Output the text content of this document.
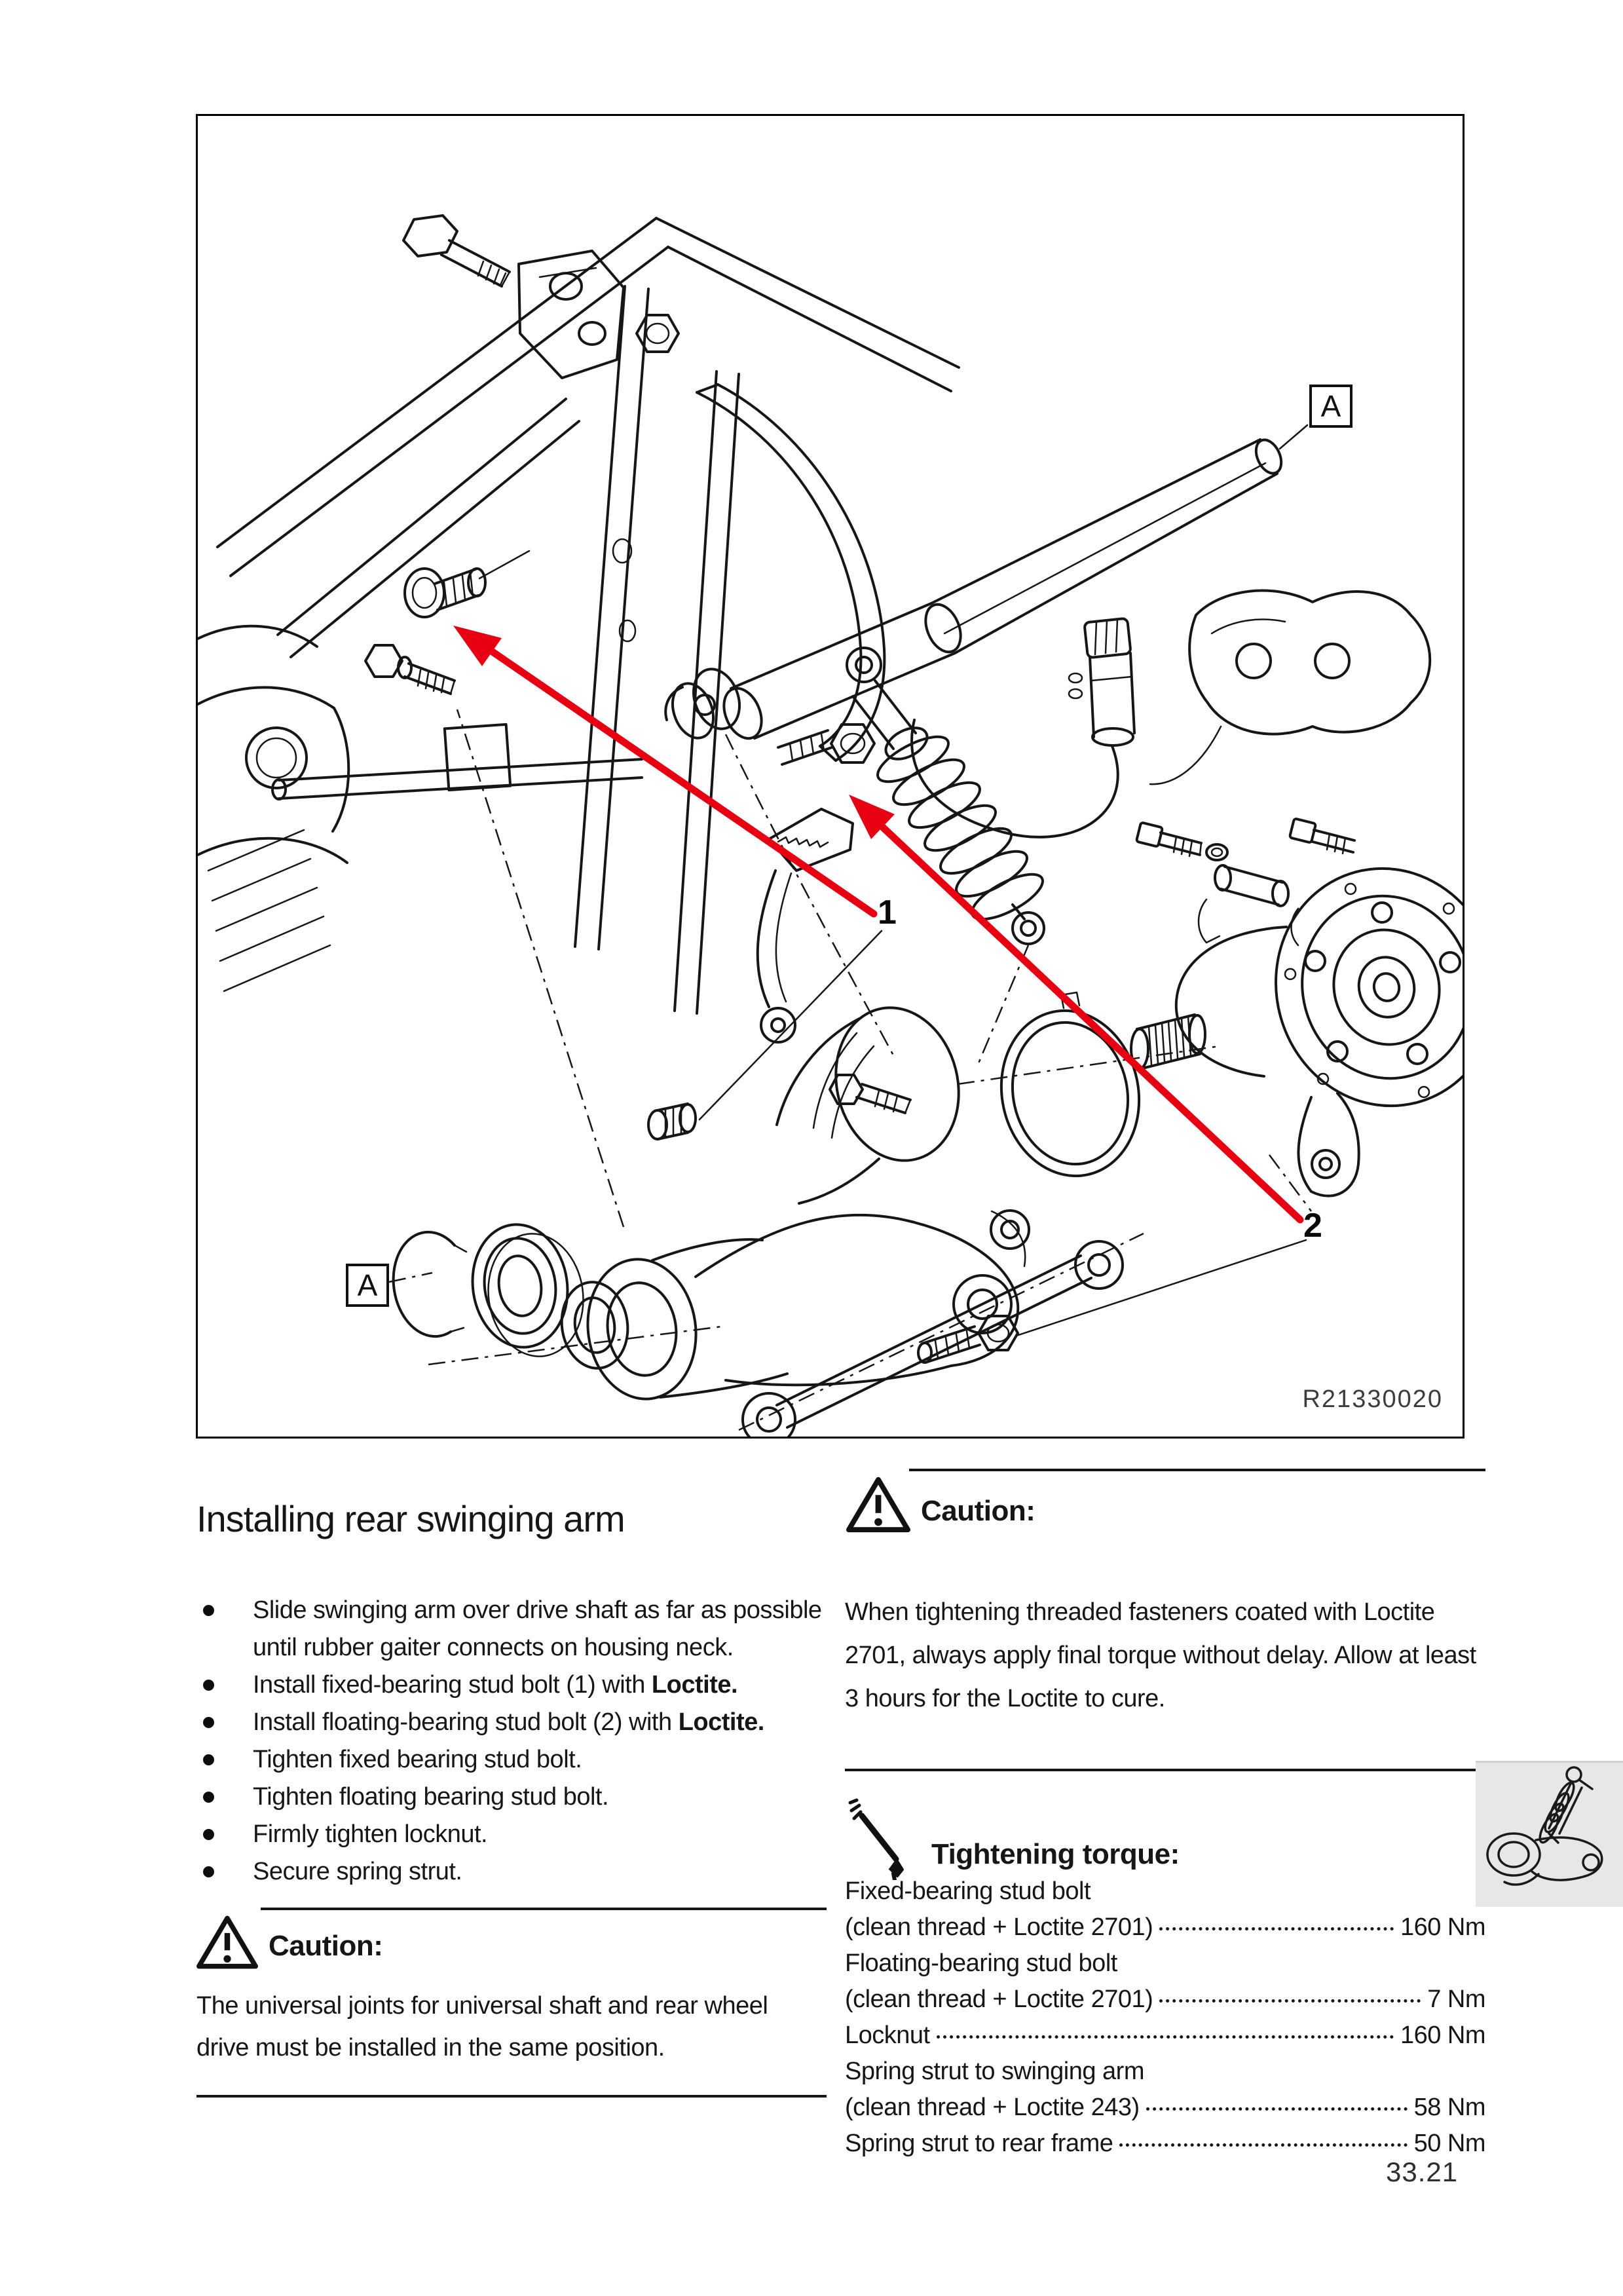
A
A
1
2
R21330020
Installing rear swinging arm
Slide swinging arm over drive shaft as far as possible until rubber gaiter connects on housing neck.
Install fixed-bearing stud bolt (1) with Loctite.
Install floating-bearing stud bolt (2) with Loctite.
Tighten fixed bearing stud bolt.
Tighten floating bearing stud bolt.
Firmly tighten locknut.
Secure spring strut.
Caution:
The universal joints for universal shaft and rear wheel drive must be installed in the same position.
Caution:
When tightening threaded fasteners coated with Loctite 2701, always apply final torque without delay. Allow at least 3 hours for the Loctite to cure.
Tightening torque:
Fixed-bearing stud bolt
(clean thread + Loctite 2701)	160 Nm
Floating-bearing stud bolt
(clean thread + Loctite 2701)	7 Nm
Locknut	160 Nm
Spring strut to swinging arm
(clean thread + Loctite 243)	58 Nm
Spring strut to rear frame	50 Nm
33.21
